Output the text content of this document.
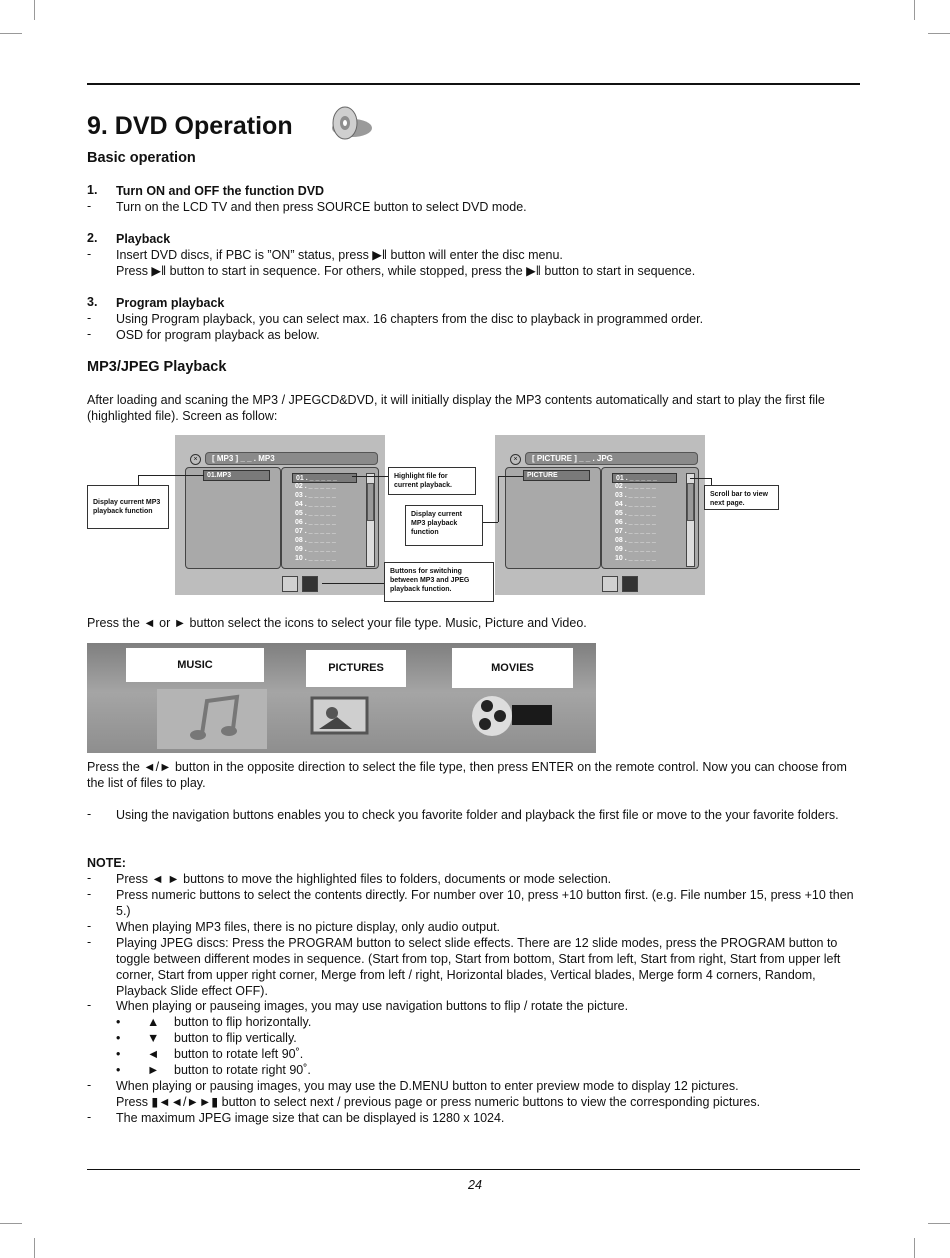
9. DVD Operation
Basic operation
1.	Turn ON and OFF the function DVD
- Turn on the LCD TV and then press SOURCE button to select DVD mode.
2.	Playback
- Insert DVD discs, if PBC is ”ON” status, press ▶‖ button will enter the disc menu.
Press ▶‖ button to start in sequence. For others, while stopped, press the ▶‖ button to start in sequence.
3.	Program playback
- Using Program playback, you can select max. 16 chapters from the disc to playback in programmed order.
- OSD for program playback as below.
MP3/JPEG Playback
After loading and scaning the MP3 / JPEGCD&DVD, it will initially display the MP3 contents automatically and start to play the first file (highlighted file). Screen as follow:
×	[ MP3 ] _ _ . MP3
01.MP3	01 . _ _ _ _ _
02 . _ _ _ _ _
03 . _ _ _ _ _
04 . _ _ _ _ _
05 . _ _ _ _ _
06 . _ _ _ _ _
07 . _ _ _ _ _
08 . _ _ _ _ _
09 . _ _ _ _ _
10 . _ _ _ _ _
×	[ PICTURE ] _ _ . JPG
PICTURE	01 . _ _ _ _ _
02 . _ _ _ _ _
03 . _ _ _ _ _
04 . _ _ _ _ _
05 . _ _ _ _ _
06 . _ _ _ _ _
07 . _ _ _ _ _
08 . _ _ _ _ _
09 . _ _ _ _ _
10 . _ _ _ _ _
Display current MP3 playback function
Highlight file for current playback.
Display current MP3 playback function
Buttons for switching between MP3 and JPEG playback function.
Scroll bar to view next page.
Press the ◄ or ► button select the icons to select your file type. Music, Picture and Video.
MUSIC	PICTURES	MOVIES
Press the ◄/► button in the opposite direction to select the file type, then press ENTER on the remote control. Now you can choose from the list of files to play.
- Using the navigation buttons enables you to check you favorite folder and playback the first file or move to the your favorite folders.
NOTE:
- Press ◄ ► buttons to move the highlighted files to folders, documents or mode selection.
- Press numeric buttons to select the contents directly. For number over 10, press +10 button first. (e.g. File number 15, press +10 then 5.)
- When playing MP3 files, there is no picture display, only audio output.
- Playing JPEG discs: Press the PROGRAM button to select slide effects. There are 12 slide modes, press the PROGRAM button to toggle between different modes in sequence. (Start from top, Start from bottom, Start from left, Start from right, Start from upper left corner, Start from upper right corner, Merge from left / right, Horizontal blades, Vertical blades, Merge form 4 corners, Random, Playback Slide effect OFF).
- When playing or pauseing images, you may use navigation buttons to flip / rotate the picture.
• ▲ button to flip horizontally.
• ▼ button to flip vertically.
• ◄ button to rotate left 90˚.
• ► button to rotate right 90˚.
- When playing or pausing images, you may use the D.MENU button to enter preview mode to display 12 pictures.
Press ▮◄◄/►►▮ button to select next / previous page or press numeric buttons to view the corresponding pictures.
- The maximum JPEG image size that can be displayed is 1280 x 1024.
24
